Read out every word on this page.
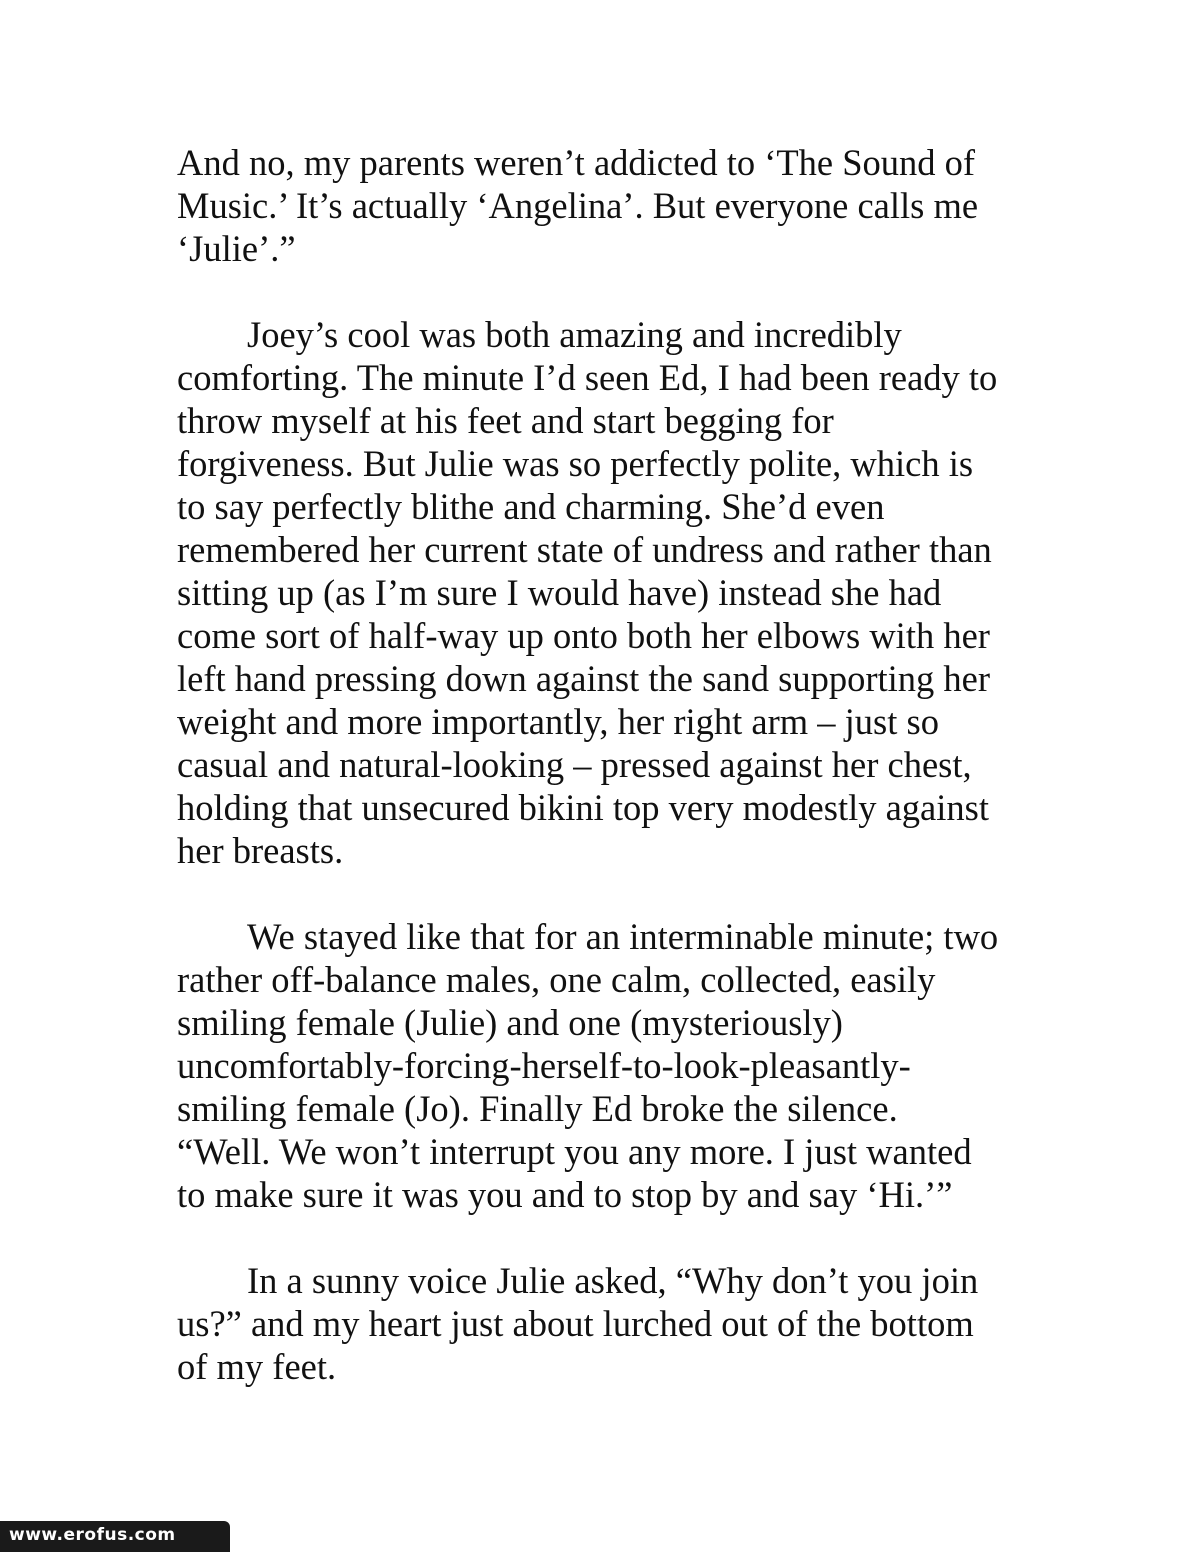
And no, my parents weren’t addicted to ‘The Sound of
Music.’ It’s actually ‘Angelina’. But everyone calls me
‘Julie’.”

Joey’s cool was both amazing and incredibly
comforting. The minute I’d seen Ed, I had been ready to
throw myself at his feet and start begging for
forgiveness. But Julie was so perfectly polite, which is
to say perfectly blithe and charming. She’d even
remembered her current state of undress and rather than
sitting up (as I’m sure I would have) instead she had
come sort of half-way up onto both her elbows with her
left hand pressing down against the sand supporting her
weight and more importantly, her right arm – just so
casual and natural-looking – pressed against her chest,
holding that unsecured bikini top very modestly against
her breasts.

We stayed like that for an interminable minute; two
rather off-balance males, one calm, collected, easily
smiling female (Julie) and one (mysteriously)
uncomfortably-forcing-herself-to-look-pleasantly-
smiling female (Jo). Finally Ed broke the silence.
“Well. We won’t interrupt you any more. I just wanted
to make sure it was you and to stop by and say ‘Hi.’”

In a sunny voice Julie asked, “Why don’t you join
us?” and my heart just about lurched out of the bottom
of my feet.

www.erofus.com
